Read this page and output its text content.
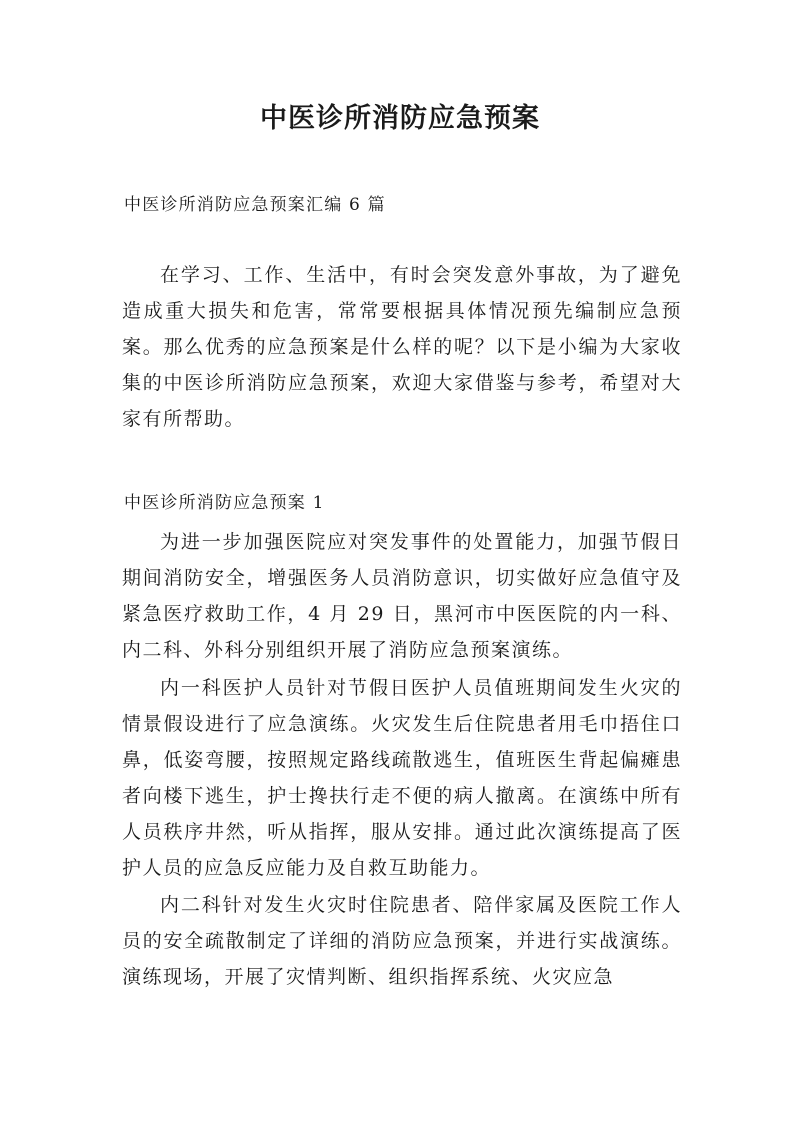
中医诊所消防应急预案
中医诊所消防应急预案汇编 6 篇
在学习、工作、生活中，有时会突发意外事故，为了避免造成重大损失和危害，常常要根据具体情况预先编制应急预案。那么优秀的应急预案是什么样的呢？以下是小编为大家收集的中医诊所消防应急预案，欢迎大家借鉴与参考，希望对大家有所帮助。
中医诊所消防应急预案 1
为进一步加强医院应对突发事件的处置能力，加强节假日期间消防安全，增强医务人员消防意识，切实做好应急值守及紧急医疗救助工作，4 月 29 日，黑河市中医医院的内一科、内二科、外科分别组织开展了消防应急预案演练。
内一科医护人员针对节假日医护人员值班期间发生火灾的情景假设进行了应急演练。火灾发生后住院患者用毛巾捂住口鼻，低姿弯腰，按照规定路线疏散逃生，值班医生背起偏瘫患者向楼下逃生，护士搀扶行走不便的病人撤离。在演练中所有人员秩序井然，听从指挥，服从安排。通过此次演练提高了医护人员的应急反应能力及自救互助能力。
内二科针对发生火灾时住院患者、陪伴家属及医院工作人员的安全疏散制定了详细的消防应急预案，并进行实战演练。演练现场，开展了灾情判断、组织指挥系统、火灾应急
